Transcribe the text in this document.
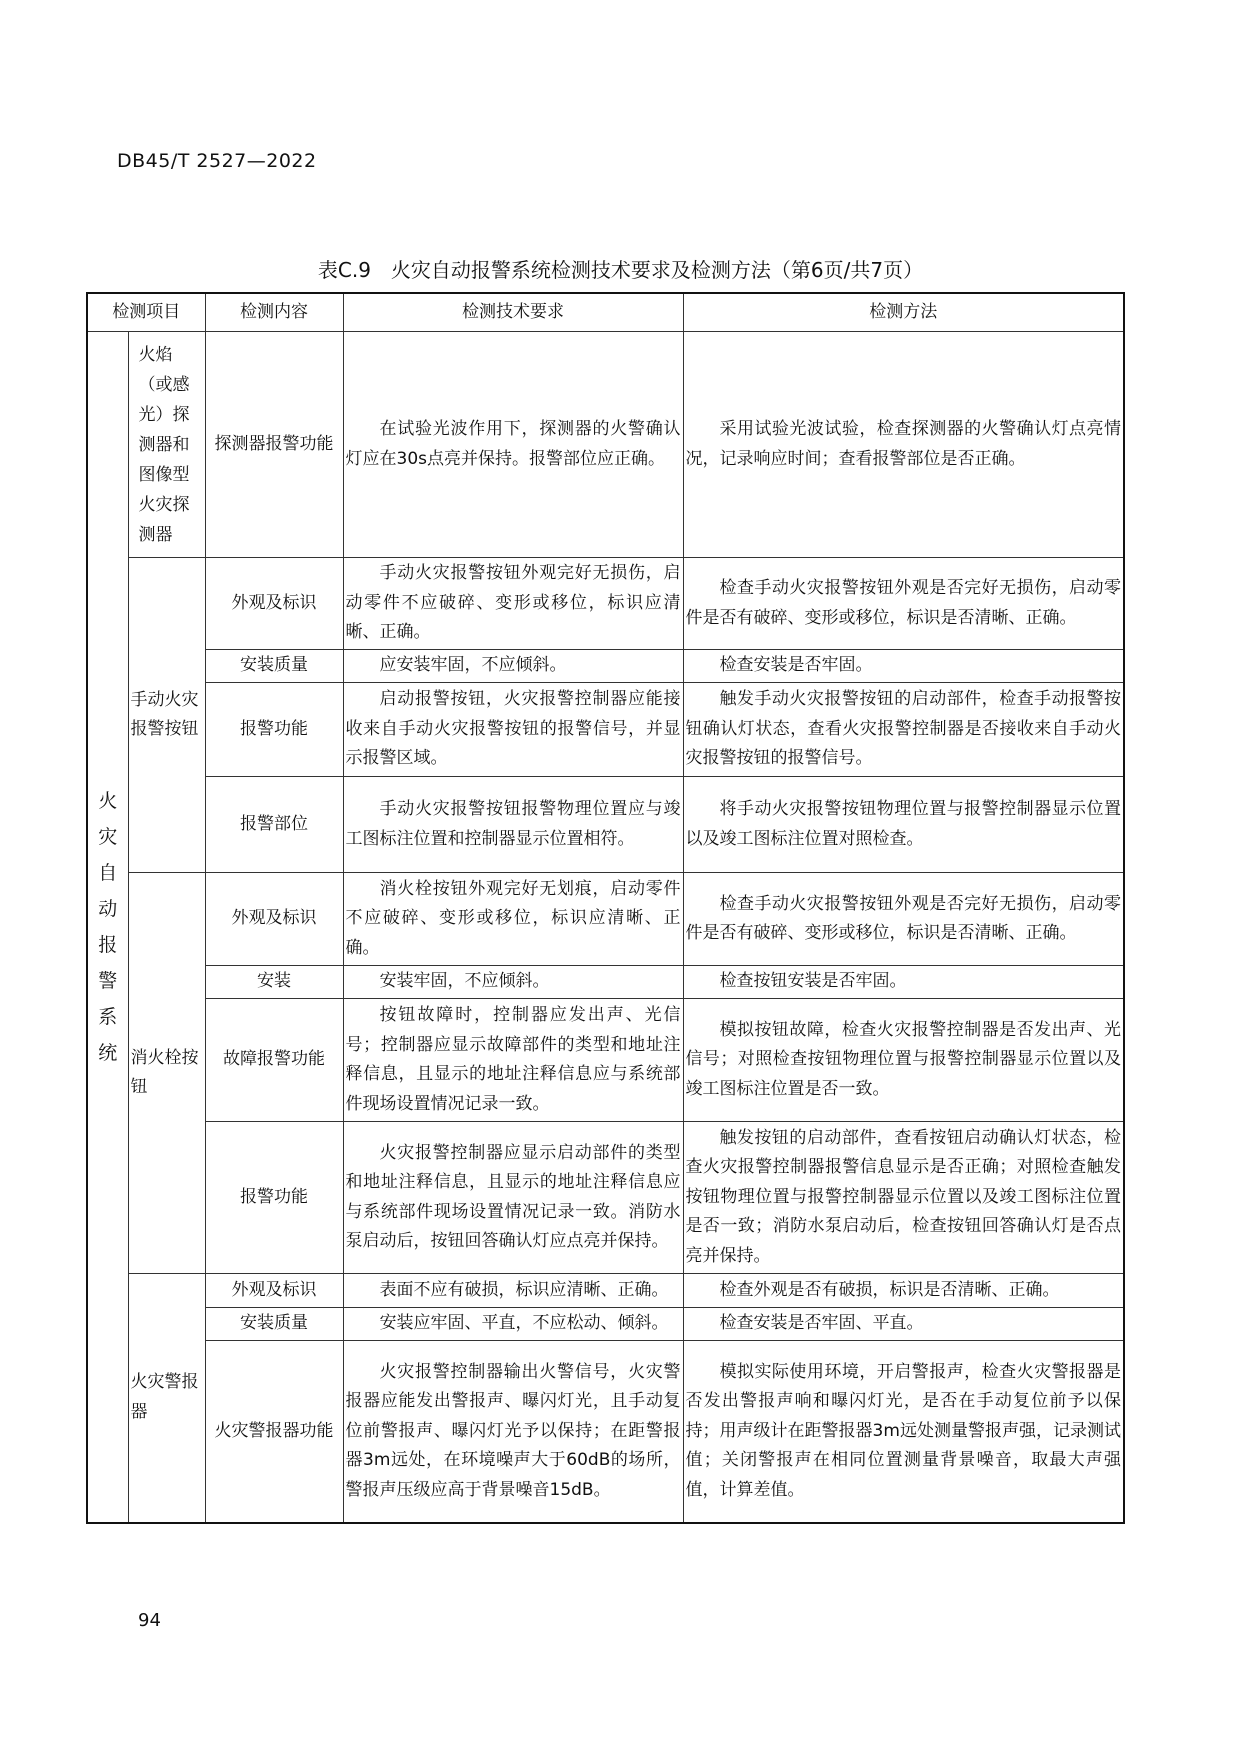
DB45/T 2527—2022
表C.9　火灾自动报警系统检测技术要求及检测方法（第6页/共7页）
检测项目		检测内容	检测技术要求	检测方法

火灾自动报警系统	火焰（或感光）探测器和图像型火灾探测器	探测器报警功能	在试验光波作用下，探测器的火警确认灯应在30s点亮并保持。报警部位应正确。	采用试验光波试验，检查探测器的火警确认灯点亮情况，记录响应时间；查看报警部位是否正确。

	手动火灾报警按钮	外观及标识	手动火灾报警按钮外观完好无损伤，启动零件不应破碎、变形或移位，标识应清晰、正确。	检查手动火灾报警按钮外观是否完好无损伤，启动零件是否有破碎、变形或移位，标识是否清晰、正确。

		安装质量	应安装牢固，不应倾斜。	检查安装是否牢固。

		报警功能	启动报警按钮，火灾报警控制器应能接收来自手动火灾报警按钮的报警信号，并显示报警区域。	触发手动火灾报警按钮的启动部件，检查手动报警按钮确认灯状态，查看火灾报警控制器是否接收来自手动火灾报警按钮的报警信号。

		报警部位	手动火灾报警按钮报警物理位置应与竣工图标注位置和控制器显示位置相符。	将手动火灾报警按钮物理位置与报警控制器显示位置以及竣工图标注位置对照检查。

	消火栓按钮	外观及标识	消火栓按钮外观完好无划痕，启动零件不应破碎、变形或移位，标识应清晰、正确。	检查手动火灾报警按钮外观是否完好无损伤，启动零件是否有破碎、变形或移位，标识是否清晰、正确。

		安装	安装牢固，不应倾斜。	检查按钮安装是否牢固。

		故障报警功能	按钮故障时，控制器应发出声、光信号；控制器应显示故障部件的类型和地址注释信息，且显示的地址注释信息应与系统部件现场设置情况记录一致。	模拟按钮故障，检查火灾报警控制器是否发出声、光信号；对照检查按钮物理位置与报警控制器显示位置以及竣工图标注位置是否一致。

		报警功能	火灾报警控制器应显示启动部件的类型和地址注释信息，且显示的地址注释信息应与系统部件现场设置情况记录一致。消防水泵启动后，按钮回答确认灯应点亮并保持。	触发按钮的启动部件，查看按钮启动确认灯状态，检查火灾报警控制器报警信息显示是否正确；对照检查触发按钮物理位置与报警控制器显示位置以及竣工图标注位置是否一致；消防水泵启动后，检查按钮回答确认灯是否点亮并保持。

	火灾警报器	外观及标识	表面不应有破损，标识应清晰、正确。	检查外观是否有破损，标识是否清晰、正确。

		安装质量	安装应牢固、平直，不应松动、倾斜。	检查安装是否牢固、平直。

		火灾警报器功能	火灾报警控制器输出火警信号，火灾警报器应能发出警报声、曝闪灯光，且手动复位前警报声、曝闪灯光予以保持；在距警报器3m远处，在环境噪声大于60dB的场所，警报声压级应高于背景噪音15dB。	模拟实际使用环境，开启警报声，检查火灾警报器是否发出警报声响和曝闪灯光，是否在手动复位前予以保持；用声级计在距警报器3m远处测量警报声强，记录测试值；关闭警报声在相同位置测量背景噪音，取最大声强值，计算差值。
94
